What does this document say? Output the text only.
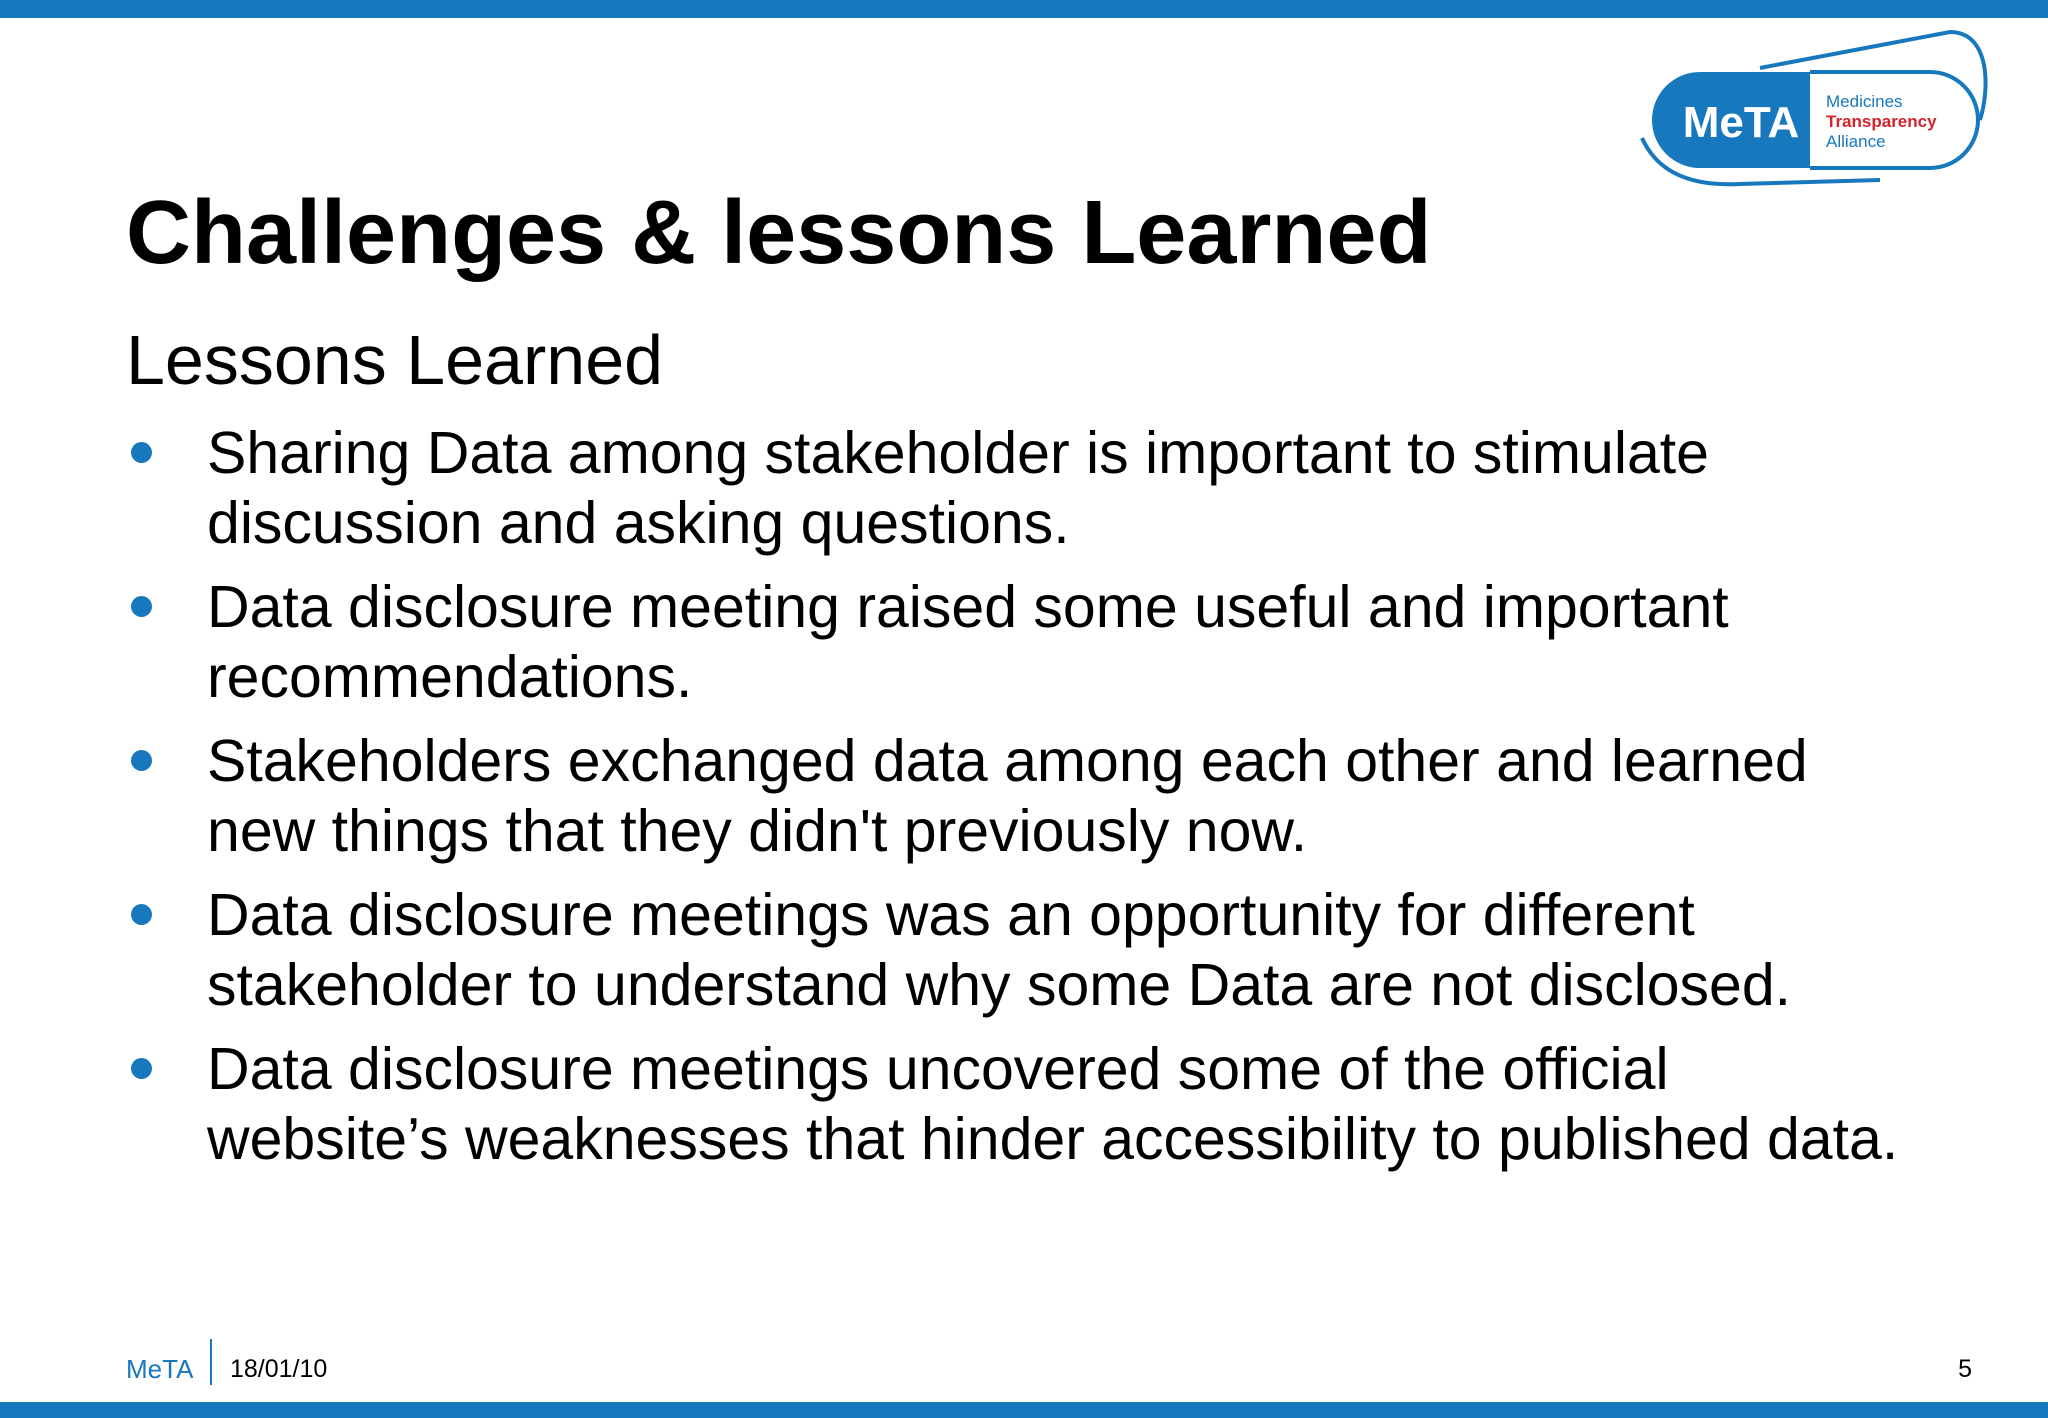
MeTA Medicines
Transparency
Alliance
Challenges & lessons Learned
Lessons Learned
Sharing Data among stakeholder is important to stimulate discussion and asking questions.
Data disclosure meeting raised some useful and important recommendations.
Stakeholders exchanged data among each other and learned new things that they didn't previously now.
Data disclosure meetings was an opportunity for different stakeholder to understand why some Data are not disclosed.
Data disclosure meetings uncovered some of the official website’s weaknesses that hinder accessibility to published data.
MeTA 18/01/10	5
